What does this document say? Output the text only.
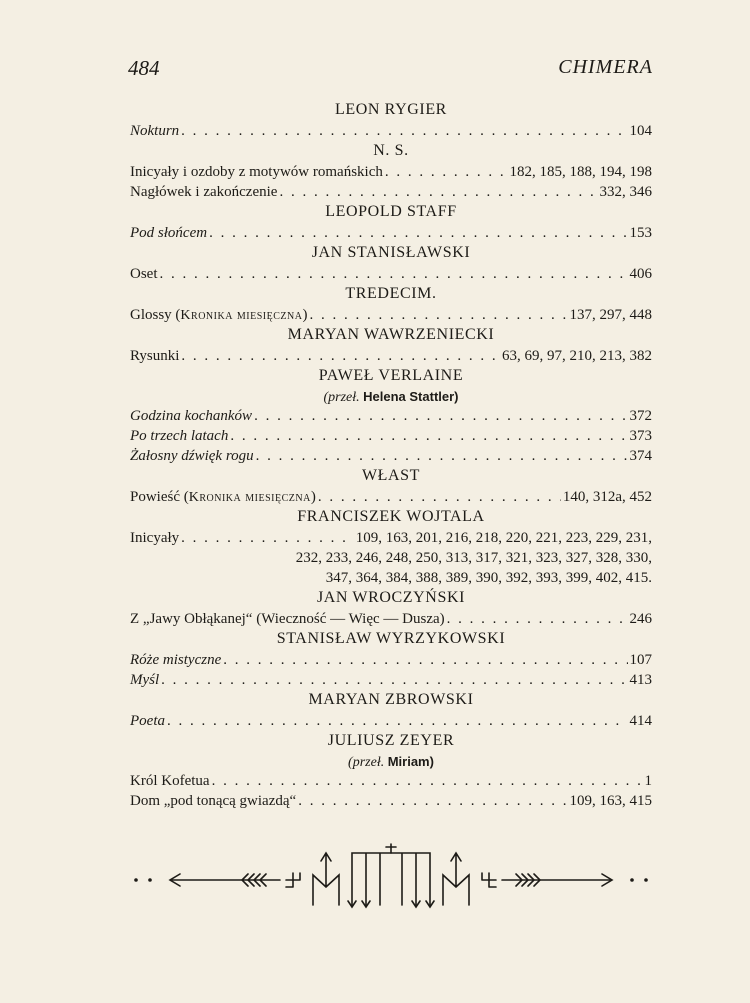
484	CHIMERA
LEON RYGIER
Nokturn . . .	104
N. S.
Inicyały i ozdoby z motywów romańskich . . .	182, 185, 188, 194, 198
Nagłówek i zakończenie . . .	332, 346
LEOPOLD STAFF
Pod słońcem . . .	153
JAN STANISŁAWSKI
Oset . . .	406
TREDECIM.
Glossy (Kronika miesięczna) . . .	137, 297, 448
MARYAN WAWRZENIECKI
Rysunki . . .	63, 69, 97, 210, 213, 382
PAWEŁ VERLAINE
(przeł. Helena Stattler)
Godzina kochanków . . .	372
Po trzech latach . . .	373
Żałosny dźwięk rogu . . .	374
WŁAST
Powieść (Kronika miesięczna) . . .	140, 312a, 452
FRANCISZEK WOJTALA
Inicyały . . .	109, 163, 201, 216, 218, 220, 221, 223, 229, 231,
232, 233, 246, 248, 250, 313, 317, 321, 323, 327, 328, 330,
347, 364, 384, 388, 389, 390, 392, 393, 399, 402, 415.
JAN WROCZYŃSKI
Z „Jawy Obłąkanej“ (Wieczność — Więc — Dusza) . . .	246
STANISŁAW WYRZYKOWSKI
Róże mistyczne . . .	107
Myśl . . .	413
MARYAN ZBROWSKI
Poeta . . .	414
JULIUSZ ZEYER
(przeł. Miriam)
Król Kofetua . . .	1
Dom „pod tonącą gwiazdą“ . . .	109, 163, 415
